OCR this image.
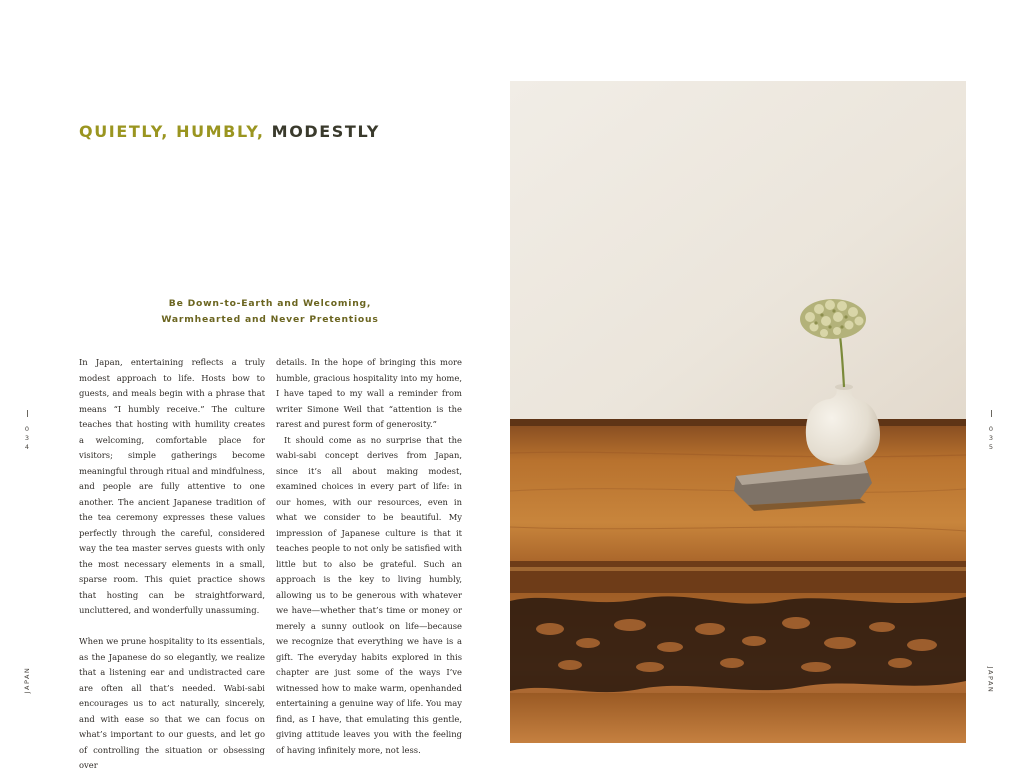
QUIETLY, HUMBLY, MODESTLY
Be Down-to-Earth and Welcoming,
Warmhearted and Never Pretentious

In Japan, entertaining reflects a truly modest approach to life. Hosts bow to guests, and meals begin with a phrase that means “I humbly receive.” The culture teaches that hosting with humility creates a welcoming, comfortable place for visitors; simple gatherings become meaningful through ritual and mindfulness, and people are fully attentive to one another. The ancient Japanese tradition of the tea ceremony expresses these values perfectly through the careful, considered way the tea master serves guests with only the most necessary elements in a small, sparse room. This quiet practice shows that hosting can be straightforward, uncluttered, and wonderfully unassuming.

When we prune hospitality to its essentials, as the Japanese do so elegantly, we realize that a listening ear and undistracted care are often all that’s needed. Wabi-sabi encourages us to act naturally, sincerely, and with ease so that we can focus on what’s important to our guests, and let go of controlling the situation or obsessing over

details. In the hope of bringing this more humble, gracious hospitality into my home, I have taped to my wall a reminder from writer Simone Weil that “attention is the rarest and purest form of generosity.”

It should come as no surprise that the wabi-sabi concept derives from Japan, since it’s all about making modest, examined choices in every part of life: in our homes, with our resources, even in what we consider to be beautiful. My impression of Japanese culture is that it teaches people to not only be satisfied with little but to also be grateful. Such an approach is the key to living humbly, allowing us to be generous with whatever we have—whether that’s time or money or merely a sunny outlook on life—because we recognize that everything we have is a gift. The everyday habits explored in this chapter are just some of the ways I’ve witnessed how to make warm, openhanded entertaining a genuine way of life. You may find, as I have, that emulating this gentle, giving attitude leaves you with the feeling of having infinitely more, not less.

0
3
4
JAPAN
0
3
5
JAPAN
